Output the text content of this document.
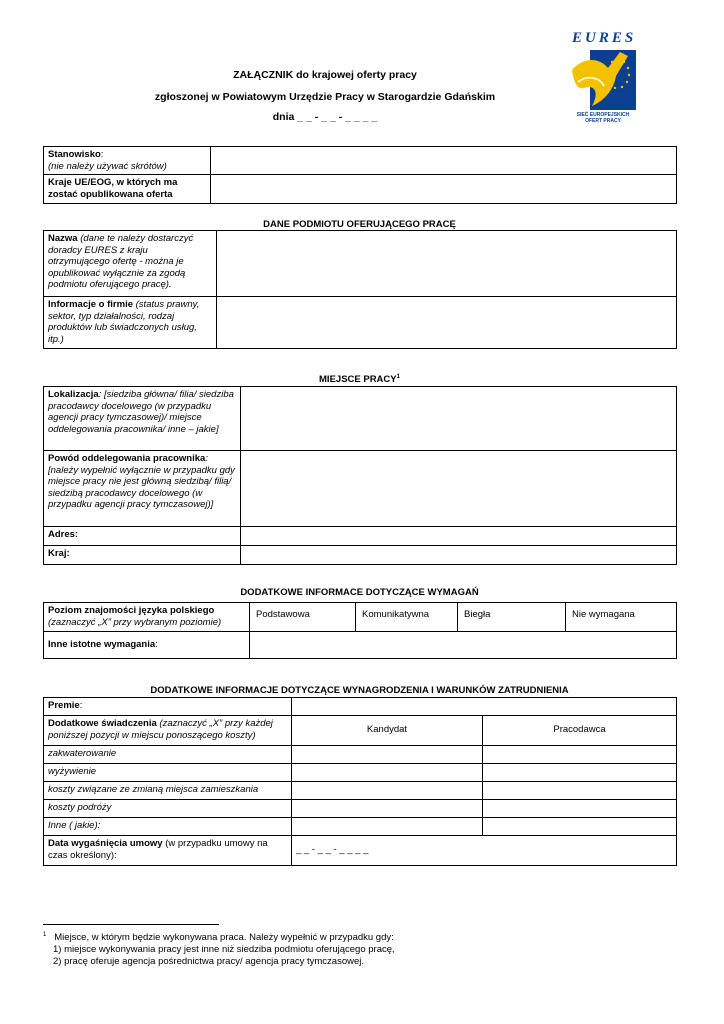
EURES
SIEĆ EUROPEJSKICH
OFERT PRACY
ZAŁĄCZNIK do krajowej oferty pracy
zgłoszonej w Powiatowym Urzędzie Pracy w Starogardzie Gdańskim
dnia _ _ - _ _ - _ _ _ _
Stanowisko:
(nie należy używać skrótów)	
Kraje UE/EOG, w których ma zostać opublikowana oferta	
DANE PODMIOTU OFERUJĄCEGO PRACĘ
Nazwa (dane te należy dostarczyć doradcy EURES z kraju otrzymującego ofertę - można je opublikować wyłącznie za zgodą podmiotu oferującego pracę).	
Informacje o firmie (status prawny, sektor, typ działalności, rodzaj produktów lub świadczonych usług, itp.)	
MIEJSCE PRACY$^1$
Lokalizacja: [siedziba główna/ filia/ siedziba pracodawcy docelowego (w przypadku agencji pracy tymczasowej)/ miejsce oddelegowania pracownika/ inne – jakie]	
Powód oddelegowania pracownika: [należy wypełnić wyłącznie w przypadku gdy miejsce pracy nie jest główną siedzibą/ filią/ siedzibą pracodawcy docelowego (w przypadku agencji pracy tymczasowej)]	
Adres:	
Kraj:	
DODATKOWE INFORMACE DOTYCZĄCE WYMAGAŃ
Poziom znajomości języka polskiego
(zaznaczyć „X” przy wybranym poziomie)	Podstawowa	Komunikatywna	Biegła	Nie wymagana
Inne istotne wymagania:				
DODATKOWE INFORMACJE DOTYCZĄCE WYNAGRODZENIA I WARUNKÓW ZATRUDNIENIA
Premie:		
Dodatkowe świadczenia (zaznaczyć „X” przy każdej poniższej pozycji w miejscu ponoszącego koszty)	Kandydat	Pracodawca
zakwaterowanie		
wyżywienie		
koszty związane ze zmianą miejsca zamieszkania		
koszty podróży		
Inne ( jakie):		
Data wygaśnięcia umowy (w przypadku umowy na czas określony):	_ _ - _ _ - _ _ _ _	
$^1$ Miejsce, w którym będzie wykonywana praca. Należy wypełnić w przypadku gdy:
1) miejsce wykonywania pracy jest inne niż siedziba podmiotu oferującego pracę,
2) pracę oferuje agencja pośrednictwa pracy/ agencja pracy tymczasowej.
